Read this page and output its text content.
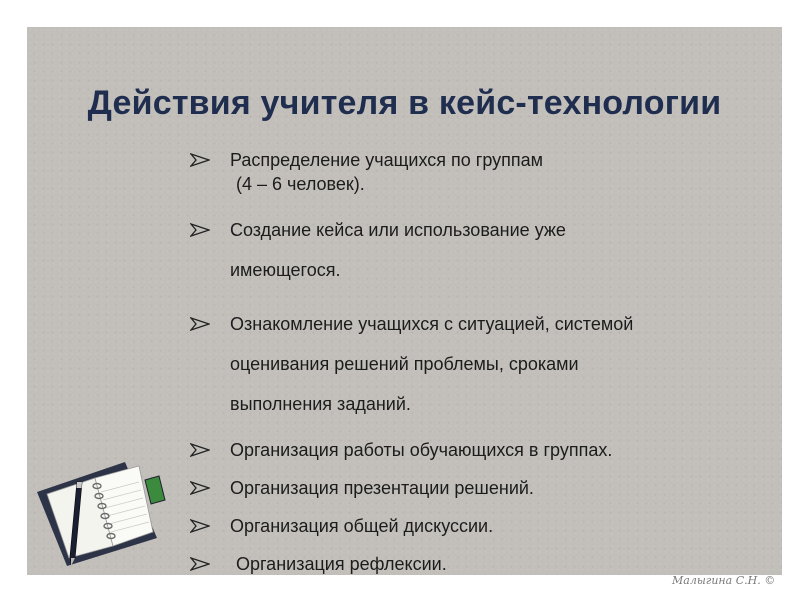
Действия учителя в кейс-технологии
Распределение учащихся по группам
(4 – 6 человек).
Создание кейса или использование уже
имеющегося.
Ознакомление учащихся с ситуацией, системой
оценивания решений проблемы, сроками
выполнения заданий.
Организация работы обучающихся в группах.
Организация презентации решений.
Организация общей дискуссии.
Организация рефлексии.
Малыгина С.Н. ©
